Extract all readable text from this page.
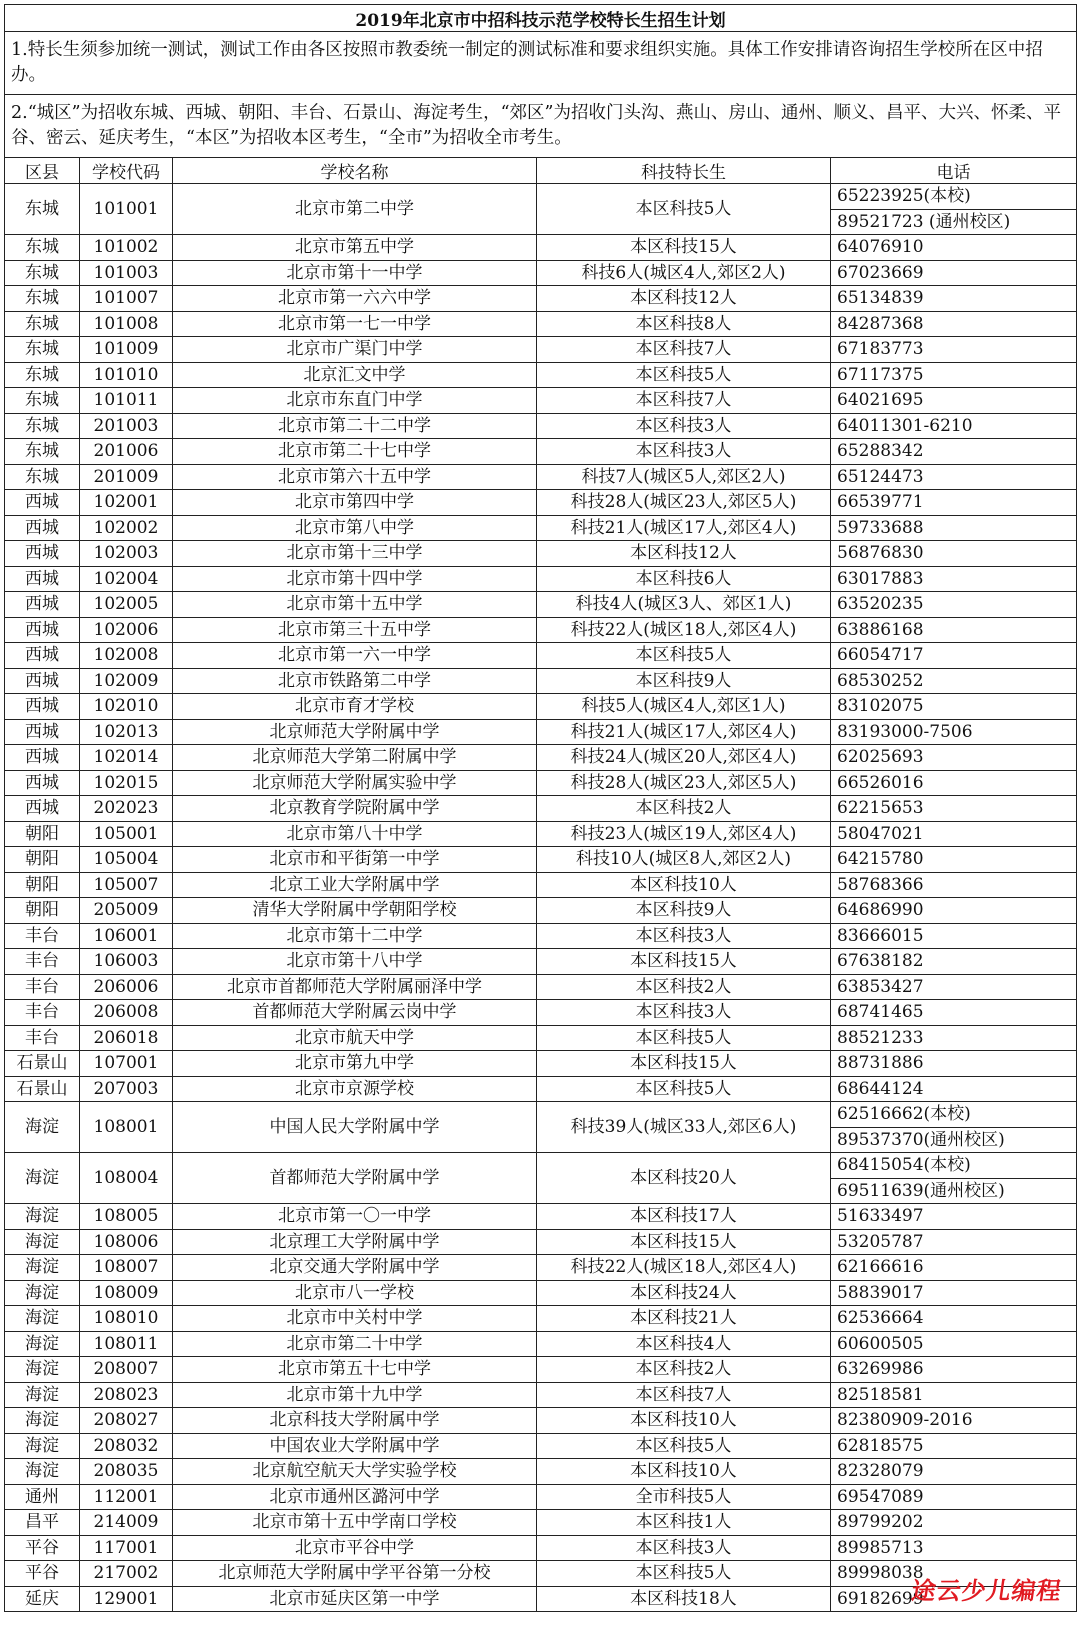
2019年北京市中招科技示范学校特长生招生计划				
1.特长生须参加统一测试，测试工作由各区按照市教委统一制定的测试标准和要求组织实施。具体工作安排请咨询招生学校所在区中招办。				
2.“城区”为招收东城、西城、朝阳、丰台、石景山、海淀考生，“郊区”为招收门头沟、燕山、房山、通州、顺义、昌平、大兴、怀柔、平谷、密云、延庆考生，“本区”为招收本区考生，“全市”为招收全市考生。				
区县	学校代码	学校名称	科技特长生	电话
东城	101001	北京市第二中学	本区科技5人	65223925(本校)
				89521723 (通州校区)
东城	101002	北京市第五中学	本区科技15人	64076910
东城	101003	北京市第十一中学	科技6人(城区4人,郊区2人)	67023669
东城	101007	北京市第一六六中学	本区科技12人	65134839
东城	101008	北京市第一七一中学	本区科技8人	84287368
东城	101009	北京市广渠门中学	本区科技7人	67183773
东城	101010	北京汇文中学	本区科技5人	67117375
东城	101011	北京市东直门中学	本区科技7人	64021695
东城	201003	北京市第二十二中学	本区科技3人	64011301-6210
东城	201006	北京市第二十七中学	本区科技3人	65288342
东城	201009	北京市第六十五中学	科技7人(城区5人,郊区2人)	65124473
西城	102001	北京市第四中学	科技28人(城区23人,郊区5人)	66539771
西城	102002	北京市第八中学	科技21人(城区17人,郊区4人)	59733688
西城	102003	北京市第十三中学	本区科技12人	56876830
西城	102004	北京市第十四中学	本区科技6人	63017883
西城	102005	北京市第十五中学	科技4人(城区3人、郊区1人)	63520235
西城	102006	北京市第三十五中学	科技22人(城区18人,郊区4人)	63886168
西城	102008	北京市第一六一中学	本区科技5人	66054717
西城	102009	北京市铁路第二中学	本区科技9人	68530252
西城	102010	北京市育才学校	科技5人(城区4人,郊区1人)	83102075
西城	102013	北京师范大学附属中学	科技21人(城区17人,郊区4人)	83193000-7506
西城	102014	北京师范大学第二附属中学	科技24人(城区20人,郊区4人)	62025693
西城	102015	北京师范大学附属实验中学	科技28人(城区23人,郊区5人)	66526016
西城	202023	北京教育学院附属中学	本区科技2人	62215653
朝阳	105001	北京市第八十中学	科技23人(城区19人,郊区4人)	58047021
朝阳	105004	北京市和平街第一中学	科技10人(城区8人,郊区2人)	64215780
朝阳	105007	北京工业大学附属中学	本区科技10人	58768366
朝阳	205009	清华大学附属中学朝阳学校	本区科技9人	64686990
丰台	106001	北京市第十二中学	本区科技3人	83666015
丰台	106003	北京市第十八中学	本区科技15人	67638182
丰台	206006	北京市首都师范大学附属丽泽中学	本区科技2人	63853427
丰台	206008	首都师范大学附属云岗中学	本区科技3人	68741465
丰台	206018	北京市航天中学	本区科技5人	88521233
石景山	107001	北京市第九中学	本区科技15人	88731886
石景山	207003	北京市京源学校	本区科技5人	68644124
海淀	108001	中国人民大学附属中学	科技39人(城区33人,郊区6人)	62516662(本校)
				89537370(通州校区)
海淀	108004	首都师范大学附属中学	本区科技20人	68415054(本校)
				69511639(通州校区)
海淀	108005	北京市第一〇一中学	本区科技17人	51633497
海淀	108006	北京理工大学附属中学	本区科技15人	53205787
海淀	108007	北京交通大学附属中学	科技22人(城区18人,郊区4人)	62166616
海淀	108009	北京市八一学校	本区科技24人	58839017
海淀	108010	北京市中关村中学	本区科技21人	62536664
海淀	108011	北京市第二十中学	本区科技4人	60600505
海淀	208007	北京市第五十七中学	本区科技2人	63269986
海淀	208023	北京市第十九中学	本区科技7人	82518581
海淀	208027	北京科技大学附属中学	本区科技10人	82380909-2016
海淀	208032	中国农业大学附属中学	本区科技5人	62818575
海淀	208035	北京航空航天大学实验学校	本区科技10人	82328079
通州	112001	北京市通州区潞河中学	全市科技5人	69547089
昌平	214009	北京市第十五中学南口学校	本区科技1人	89799202
平谷	117001	北京市平谷中学	本区科技3人	89985713
平谷	217002	北京师范大学附属中学平谷第一分校	本区科技5人	89998038
延庆	129001	北京市延庆区第一中学	本区科技18人	69182699
途云少儿编程
